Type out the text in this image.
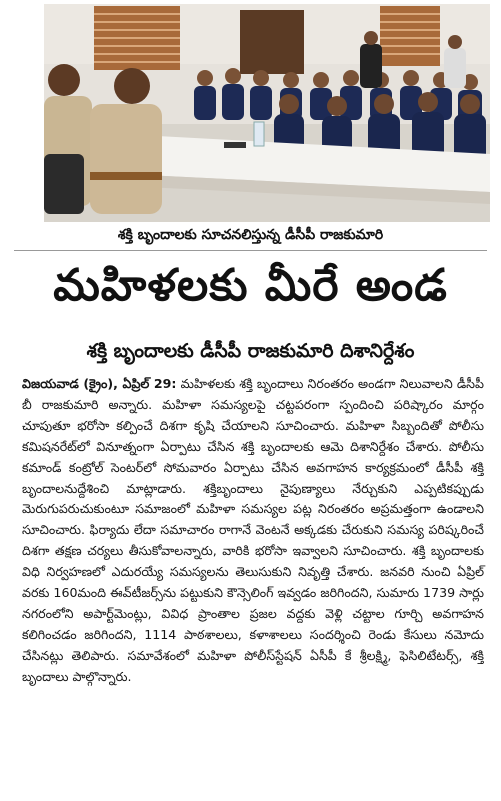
శక్తి బృందాలకు సూచనలిస్తున్న డీసీపీ రాజకుమారి
మహిళలకు మీరే అండ
శక్తి బృందాలకు డీసీపీ రాజకుమారి దిశానిర్దేశం

విజయవాడ (క్రైం), ఏప్రిల్ 29: మహిళలకు శక్తి బృందాలు నిరంతరం అండగా నిలువాలని డీసీపీ బీ రాజకుమారి అన్నారు. మహిళా సమస్యలపై చట్టపరంగా స్పందించి పరిష్కారం మార్గం చూపుతూ భరోసా కల్పించే దిశగా కృషి చేయాలని సూచించారు. మహిళా సిబ్బందితో పోలీసు కమిషనరేట్‌లో వినూత్నంగా ఏర్పాటు చేసిన శక్తి బృందాలకు ఆమె దిశానిర్దేశం చేశారు. పోలీసు కమాండ్ కంట్రోల్ సెంటర్‌లో సోమవారం ఏర్పాటు చేసిన అవగాహన కార్యక్రమంలో డీసీపీ శక్తి బృందాలనుద్దేశించి మాట్లాడారు. శక్తిబృందాలు నైపుణ్యాలు నేర్చుకుని ఎప్పటికప్పుడు మెరుగుపరుచుకుంటూ సమాజంలో మహిళా సమస్యల పట్ల నిరంతరం అప్రమత్తంగా ఉండాలని సూచించారు. ఫిర్యాదు లేదా సమాచారం రాగానే వెంటనే అక్కడకు చేరుకుని సమస్య పరిష్కరించే దిశగా తక్షణ చర్యలు తీసుకోవాలన్నారు, వారికి భరోసా ఇవ్వాలని సూచించారు. శక్తి బృందాలకు విధి నిర్వహణలో ఎదురయ్యే సమస్యలను తెలుసుకుని నివృత్తి చేశారు. జనవరి నుంచి ఏప్రిల్ వరకు 160మంది ఈవ్‌టీజర్స్‌ను పట్టుకుని కౌన్సెలింగ్ ఇవ్వడం జరిగిందని, సుమారు 1739 సార్లు నగరంలోని అపార్ట్‌మెంట్లు, వివిధ ప్రాంతాల ప్రజల వద్దకు వెళ్లి చట్టాల గూర్చి అవగాహన కలిగించడం జరిగిందని, 1114 పాఠశాలలు, కళాశాలలు సందర్శించి రెండు కేసులు నమోదు చేసినట్లు తెలిపారు. సమావేశంలో మహిళా పోలీస్‌స్టేషన్ ఏసీపీ కే శ్రీలక్ష్మి, ఫెసిలిటేటర్స్, శక్తి బృందాలు పాల్గొన్నారు.
